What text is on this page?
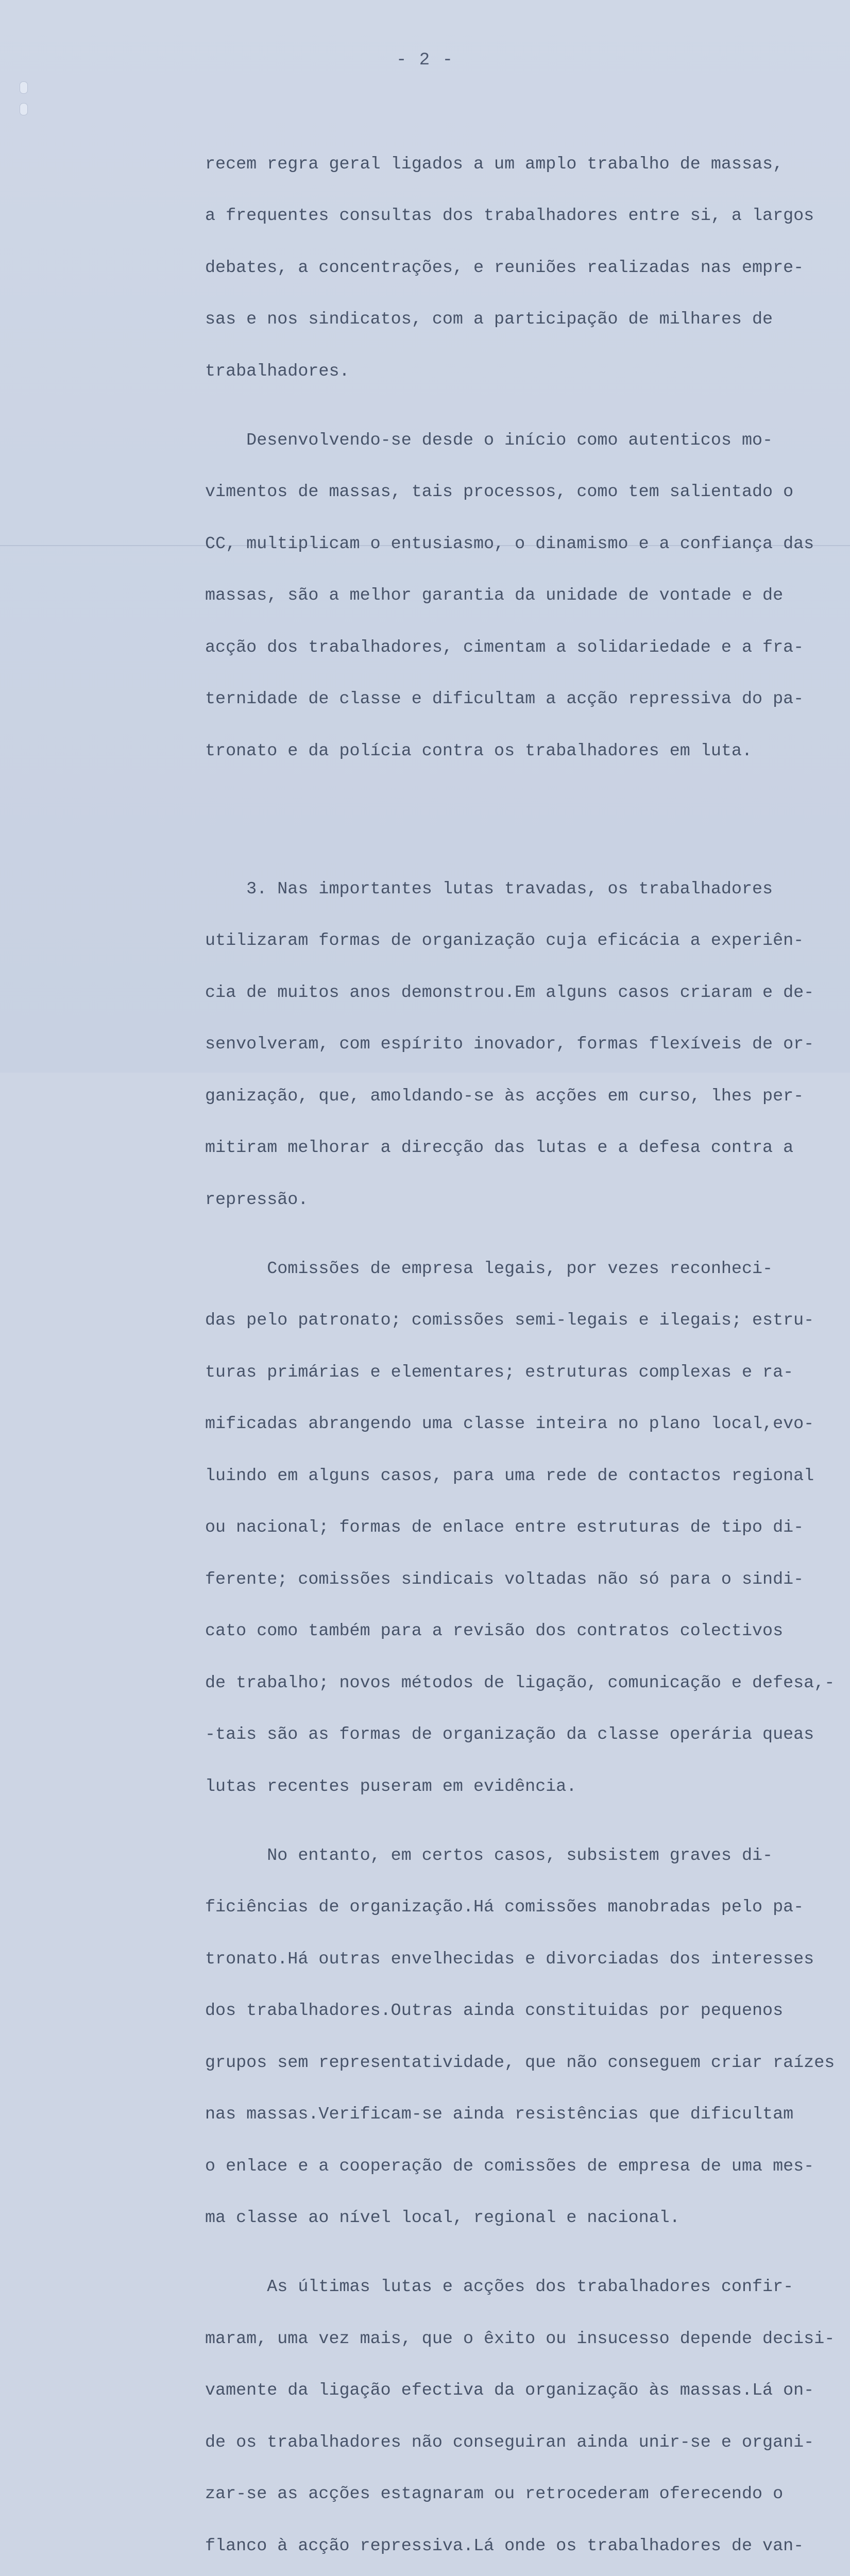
- 2 -

recem regra geral ligados a um amplo trabalho de massas,

a frequentes consultas dos trabalhadores entre si, a largos

debates, a concentrações, e reuniões realizadas nas empre-

sas e nos sindicatos, com a participação de milhares de

trabalhadores.

Desenvolvendo-se desde o início como autenticos mo-

vimentos de massas, tais processos, como tem salientado o

CC, multiplicam o entusiasmo, o dinamismo e a confiança das

massas, são a melhor garantia da unidade de vontade e de

acção dos trabalhadores, cimentam a solidariedade e a fra-

ternidade de classe e dificultam a acção repressiva do pa-

tronato e da polícia contra os trabalhadores em luta.

3. Nas importantes lutas travadas, os trabalhadores

utilizaram formas de organização cuja eficácia a experiên-

cia de muitos anos demonstrou.Em alguns casos criaram e de-

senvolveram, com espírito inovador, formas flexíveis de or-

ganização, que, amoldando-se às acções em curso, lhes per-

mitiram melhorar a direcção das lutas e a defesa contra a

repressão.

Comissões de empresa legais, por vezes reconheci-

das pelo patronato; comissões semi-legais e ilegais; estru-

turas primárias e elementares; estruturas complexas e ra-

mificadas abrangendo uma classe inteira no plano local,evo-

luindo em alguns casos, para uma rede de contactos regional

ou nacional; formas de enlace entre estruturas de tipo di-

ferente; comissões sindicais voltadas não só para o sindi-

cato como também para a revisão dos contratos colectivos

de trabalho; novos métodos de ligação, comunicação e defesa,-

-tais são as formas de organização da classe operária queas

lutas recentes puseram em evidência.

No entanto, em certos casos, subsistem graves di-

ficiências de organização.Há comissões manobradas pelo pa-

tronato.Há outras envelhecidas e divorciadas dos interesses

dos trabalhadores.Outras ainda constituidas por pequenos

grupos sem representatividade, que não conseguem criar raízes

nas massas.Verificam-se ainda resistências que dificultam

o enlace e a cooperação de comissões de empresa de uma mes-

ma classe ao nível local, regional e nacional.

As últimas lutas e acções dos trabalhadores confir-

maram, uma vez mais, que o êxito ou insucesso depende decisi-

vamente da ligação efectiva da organização às massas.Lá on-

de os trabalhadores não conseguiran ainda unir-se e organi-

zar-se as acções estagnaram ou retrocederam oferecendo o

flanco à acção repressiva.Lá onde os trabalhadores de van-
